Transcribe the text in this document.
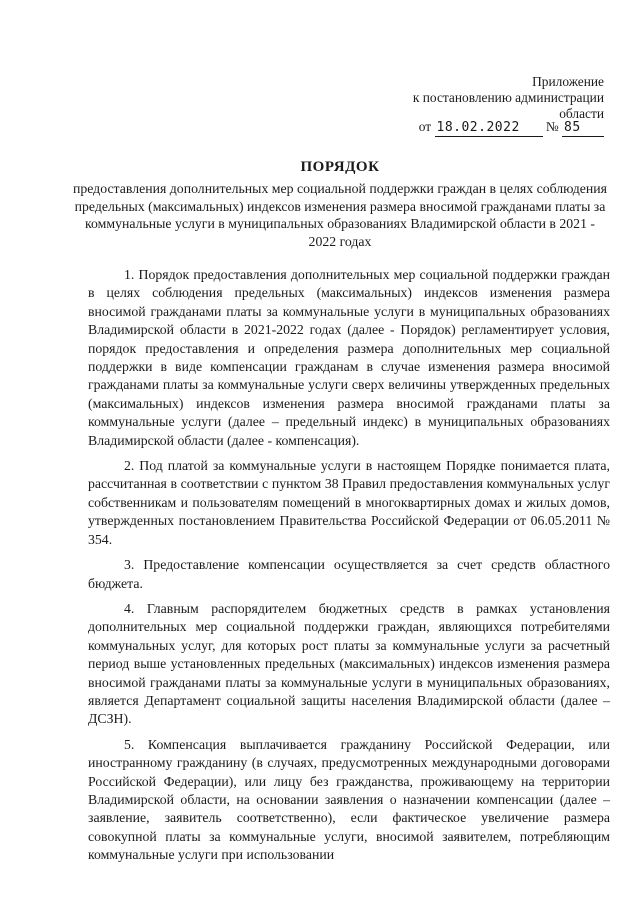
Приложение
к постановлению администрации
области
от 18.02.2022 № 85
ПОРЯДОК
предоставления дополнительных мер социальной поддержки граждан в целях соблюдения предельных (максимальных) индексов изменения размера вносимой гражданами платы за коммунальные услуги в муниципальных образованиях Владимирской области в 2021 - 2022 годах

1. Порядок предоставления дополнительных мер социальной поддержки граждан в целях соблюдения предельных (максимальных) индексов изменения размера вносимой гражданами платы за коммунальные услуги в муниципальных образованиях Владимирской области в 2021-2022 годах (далее - Порядок) регламентирует условия, порядок предоставления и определения размера дополнительных мер социальной поддержки в виде компенсации гражданам в случае изменения размера вносимой гражданами платы за коммунальные услуги сверх величины утвержденных предельных (максимальных) индексов изменения размера вносимой гражданами платы за коммунальные услуги (далее – предельный индекс) в муниципальных образованиях Владимирской области (далее - компенсация).

2. Под платой за коммунальные услуги в настоящем Порядке понимается плата, рассчитанная в соответствии с пунктом 38 Правил предоставления коммунальных услуг собственникам и пользователям помещений в многоквартирных домах и жилых домов, утвержденных постановлением Правительства Российской Федерации от 06.05.2011 № 354.

3. Предоставление компенсации осуществляется за счет средств областного бюджета.

4. Главным распорядителем бюджетных средств в рамках установления дополнительных мер социальной поддержки граждан, являющихся потребителями коммунальных услуг, для которых рост платы за коммунальные услуги за расчетный период выше установленных предельных (максимальных) индексов изменения размера вносимой гражданами платы за коммунальные услуги в муниципальных образованиях, является Департамент социальной защиты населения Владимирской области (далее – ДСЗН).

5. Компенсация выплачивается гражданину Российской Федерации, или иностранному гражданину (в случаях, предусмотренных международными договорами Российской Федерации), или лицу без гражданства, проживающему на территории Владимирской области, на основании заявления о назначении компенсации (далее – заявление, заявитель соответственно), если фактическое увеличение размера совокупной платы за коммунальные услуги, вносимой заявителем, потребляющим коммунальные услуги при использовании
